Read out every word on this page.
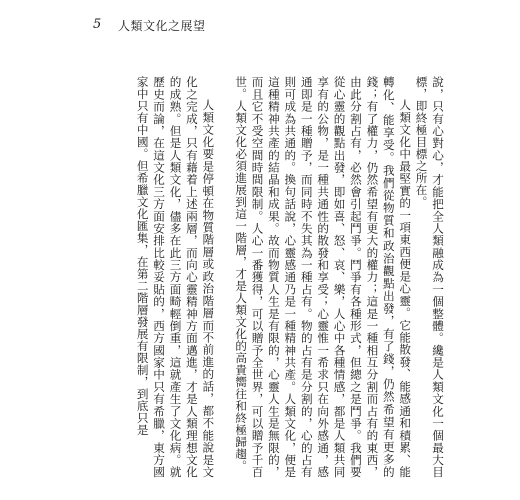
5 人類文化之展望

說，只有心對心，才能把全人類融成為一個整體。纔是人類文化一個最大目標，即終極目標之所在。

人類文化中最堅實的一項東西便是心靈。它能散發、能感通和積累、能轉化、能享受。我們從物質和政治觀點出發，有了錢，仍然希望有更多的錢；有了權力，仍然希望有更大的權力；這是一種相互分割而占有的東西，由此分割占有，必然會引起鬥爭。鬥爭有各種形式，但總之是鬥爭。我們要從心靈的觀點出發，即如喜、怒、哀、樂，人心中各種情感，都是人類共同享有的公物，是一種共通性的散發和享受；心靈惟一希求只在向外感通，感通即是一種贈予，而同時不失其為一種占有。物的占有是分割的，心的占有則可成為共通的。換句話說，心靈感通乃是一種精神共產。人類文化，便是這種精神共產的結晶和成果。故而物質人生是有限的，心靈人生是無限的，而且它不受空間時間限制。人心一番獲得，可以贈予全世界，可以贈予千百世。人類文化必須進展到這一階層，才是人類文化的高貴嚮往和終極歸趨。

人類文化要是停頓在物質階層或政治階層而不前進的話，都不能說是文化之完成，只有藉着上述兩層，而向心靈精神方面邁進，才是人類理想文化的成熟。但是人類文化，儘多在此三方面畸輕倒重，這就產生了文化病。就歷史而論，在這文化三方面安排比較妥貼的，西方國家中只有希臘，東方國家中只有中國。但希臘文化匯集，在第二階層發展有限制，到底只是
